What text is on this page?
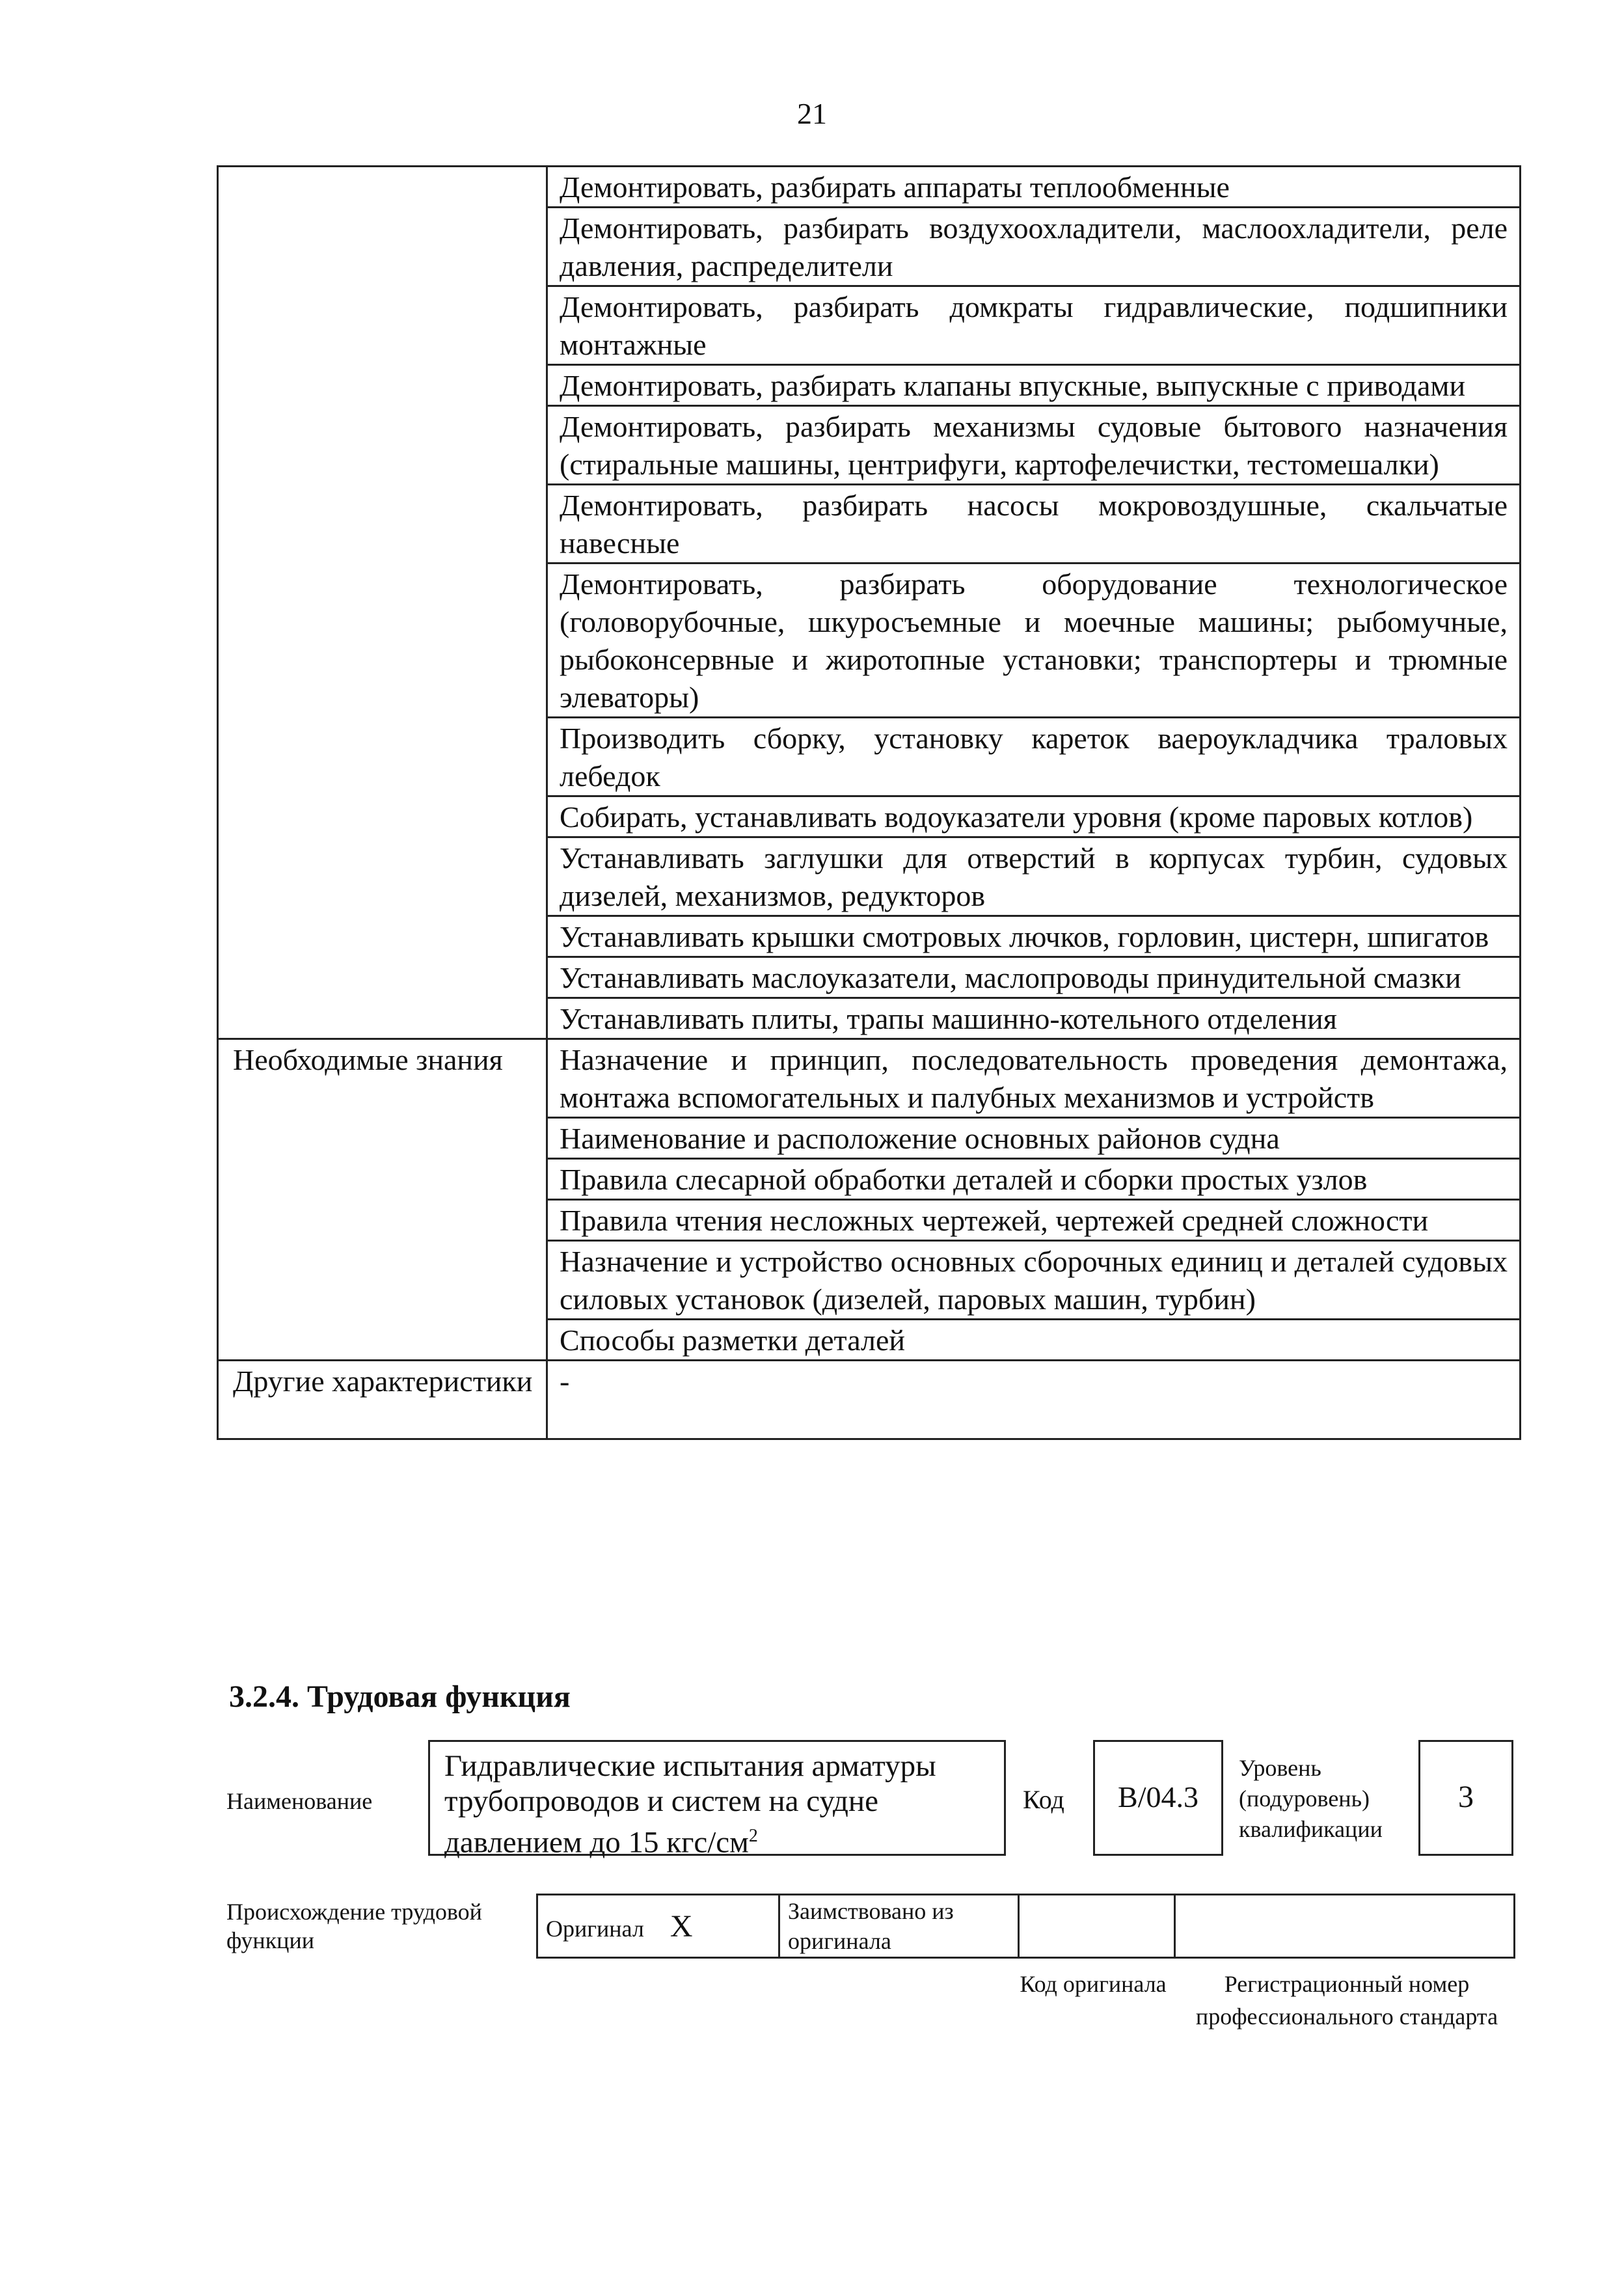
21
	Демонтировать, разбирать аппараты теплообменные
	Демонтировать, разбирать воздухоохладители, маслоохладители, реле давления, распределители
	Демонтировать, разбирать домкраты гидравлические, подшипники монтажные
	Демонтировать, разбирать клапаны впускные, выпускные с приводами
	Демонтировать, разбирать механизмы судовые бытового назначения (стиральные машины, центрифуги, картофелечистки, тестомешалки)
	Демонтировать, разбирать насосы мокровоздушные, скальчатые навесные
	Демонтировать, разбирать оборудование технологическое (головорубочные, шкуросъемные и моечные машины; рыбомучные, рыбоконсервные и жиротопные установки; транспортеры и трюмные элеваторы)
	Производить сборку, установку кареток ваероукладчика траловых лебедок
	Собирать, устанавливать водоуказатели уровня (кроме паровых котлов)
	Устанавливать заглушки для отверстий в корпусах турбин, судовых дизелей, механизмов, редукторов
	Устанавливать крышки смотровых лючков, горловин, цистерн, шпигатов
	Устанавливать маслоуказатели, маслопроводы принудительной смазки
	Устанавливать плиты, трапы машинно-котельного отделения
Необходимые знания	Назначение и принцип, последовательность проведения демонтажа, монтажа вспомогательных и палубных механизмов и устройств
	Наименование и расположение основных районов судна
	Правила слесарной обработки деталей и сборки простых узлов
	Правила чтения несложных чертежей, чертежей средней сложности
	Назначение и устройство основных сборочных единиц и деталей судовых силовых установок (дизелей, паровых машин, турбин)
	Способы разметки деталей
Другие характеристики	-
3.2.4. Трудовая функция
Наименование
Гидравлические испытания арматуры трубопроводов и систем на судне давлением до 15 кгс/$см^2$
Код	B/04.3
Уровень (подуровень) квалификации
3
Происхождение трудовой функции	Оригинал X	Заимствовано из оригинала		
Код оригинала	Регистрационный номер профессионального стандарта
